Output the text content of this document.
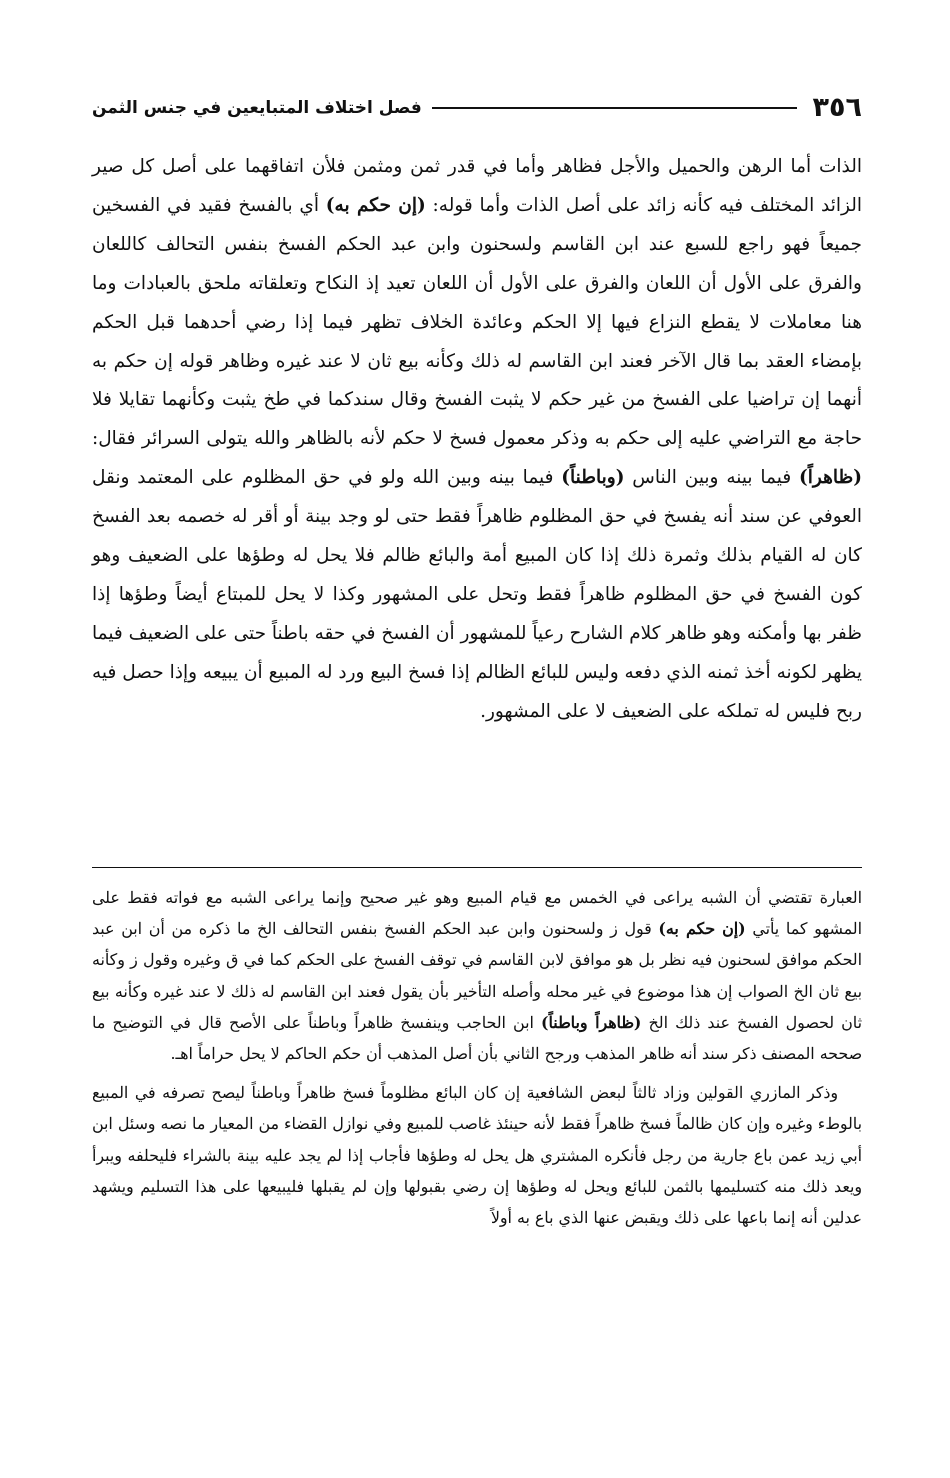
٣٥٦
فصل اختلاف المتبايعين في جنس الثمن

الذات أما الرهن والحميل والأجل فظاهر وأما في قدر ثمن ومثمن فلأن اتفاقهما على أصل كل صير الزائد المختلف فيه كأنه زائد على أصل الذات وأما قوله: (إن حكم به) أي بالفسخ فقيد في الفسخين جميعاً فهو راجع للسبع عند ابن القاسم ولسحنون وابن عبد الحكم الفسخ بنفس التحالف كاللعان والفرق على الأول أن اللعان والفرق على الأول أن اللعان تعيد إذ النكاح وتعلقاته ملحق بالعبادات وما هنا معاملات لا يقطع النزاع فيها إلا الحكم وعائدة الخلاف تظهر فيما إذا رضي أحدهما قبل الحكم بإمضاء العقد بما قال الآخر فعند ابن القاسم له ذلك وكأنه بيع ثان لا عند غيره وظاهر قوله إن حكم به أنهما إن تراضيا على الفسخ من غير حكم لا يثبت الفسخ وقال سندكما في طخ يثبت وكأنهما تقايلا فلا حاجة مع التراضي عليه إلى حكم به وذكر معمول فسخ لا حكم لأنه بالظاهر والله يتولى السرائر فقال: (ظاهراً) فيما بينه وبين الناس (وباطناً) فيما بينه وبين الله ولو في حق المظلوم على المعتمد ونقل العوفي عن سند أنه يفسخ في حق المظلوم ظاهراً فقط حتى لو وجد بينة أو أقر له خصمه بعد الفسخ كان له القيام بذلك وثمرة ذلك إذا كان المبيع أمة والبائع ظالم فلا يحل له وطؤها على الضعيف وهو كون الفسخ في حق المظلوم ظاهراً فقط وتحل على المشهور وكذا لا يحل للمبتاع أيضاً وطؤها إذا ظفر بها وأمكنه وهو ظاهر كلام الشارح رعياً للمشهور أن الفسخ في حقه باطناً حتى على الضعيف فيما يظهر لكونه أخذ ثمنه الذي دفعه وليس للبائع الظالم إذا فسخ البيع ورد له المبيع أن يبيعه وإذا حصل فيه ربح فليس له تملكه على الضعيف لا على المشهور.

العبارة تقتضي أن الشبه يراعى في الخمس مع قيام المبيع وهو غير صحيح وإنما يراعى الشبه مع فواته فقط على المشهو كما يأتي (إن حكم به) قول ز ولسحنون وابن عبد الحكم الفسخ بنفس التحالف الخ ما ذكره من أن ابن عبد الحكم موافق لسحنون فيه نظر بل هو موافق لابن القاسم في توقف الفسخ على الحكم كما في ق وغيره وقول ز وكأنه بيع ثان الخ الصواب إن هذا موضوع في غير محله وأصله التأخير بأن يقول فعند ابن القاسم له ذلك لا عند غيره وكأنه بيع ثان لحصول الفسخ عند ذلك الخ (ظاهراً وباطناً) ابن الحاجب وينفسخ ظاهراً وباطناً على الأصح قال في التوضيح ما صححه المصنف ذكر سند أنه ظاهر المذهب ورجح الثاني بأن أصل المذهب أن حكم الحاكم لا يحل حراماً اهـ.

وذكر المازري القولين وزاد ثالثاً لبعض الشافعية إن كان البائع مظلوماً فسخ ظاهراً وباطناً ليصح تصرفه في المبيع بالوطء وغيره وإن كان ظالماً فسخ ظاهراً فقط لأنه حينئذ غاصب للمبيع وفي نوازل القضاء من المعيار ما نصه وسئل ابن أبي زيد عمن باع جارية من رجل فأنكره المشتري هل يحل له وطؤها فأجاب إذا لم يجد عليه بينة بالشراء فليحلفه ويبرأ ويعد ذلك منه كتسليمها بالثمن للبائع ويحل له وطؤها إن رضي بقبولها وإن لم يقبلها فليبيعها على هذا التسليم ويشهد عدلين أنه إنما باعها على ذلك ويقبض عنها الذي باع به أولاً
